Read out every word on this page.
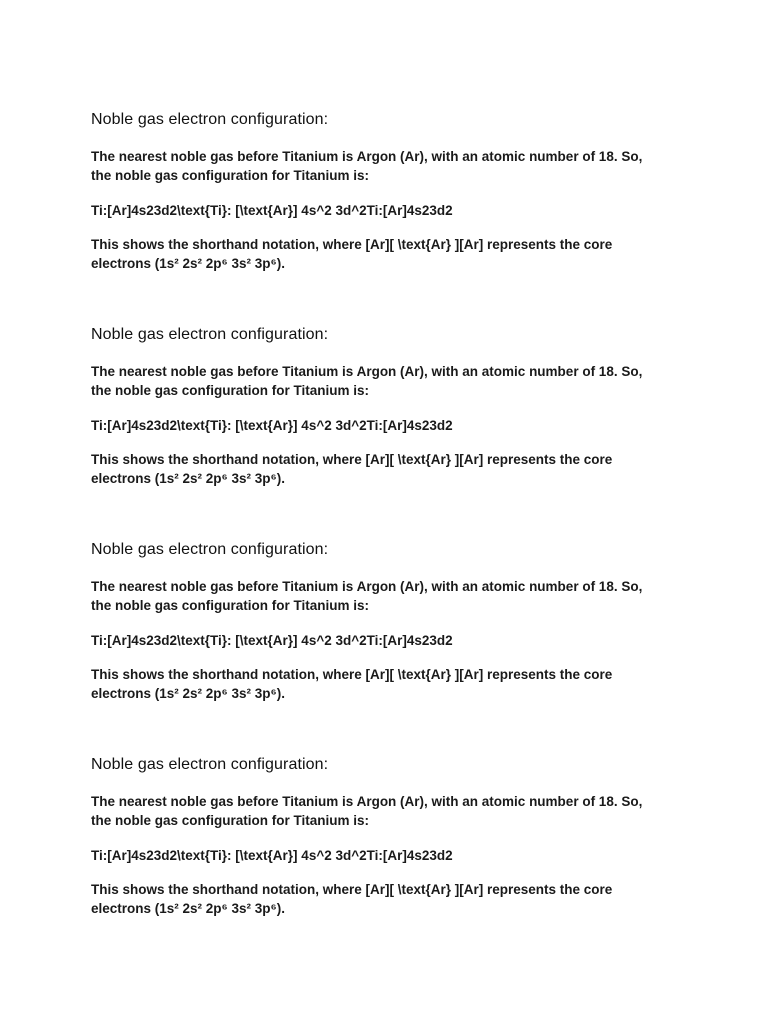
Noble gas electron configuration:

The nearest noble gas before Titanium is Argon (Ar), with an atomic number of 18. So,
the noble gas configuration for Titanium is:

Ti:[Ar]4s23d2\text{Ti}: [\text{Ar}] 4s^2 3d^2Ti:[Ar]4s23d2

This shows the shorthand notation, where [Ar][ \text{Ar} ][Ar] represents the core
electrons (1s² 2s² 2p⁶ 3s² 3p⁶).

Noble gas electron configuration:

The nearest noble gas before Titanium is Argon (Ar), with an atomic number of 18. So,
the noble gas configuration for Titanium is:

Ti:[Ar]4s23d2\text{Ti}: [\text{Ar}] 4s^2 3d^2Ti:[Ar]4s23d2

This shows the shorthand notation, where [Ar][ \text{Ar} ][Ar] represents the core
electrons (1s² 2s² 2p⁶ 3s² 3p⁶).

Noble gas electron configuration:

The nearest noble gas before Titanium is Argon (Ar), with an atomic number of 18. So,
the noble gas configuration for Titanium is:

Ti:[Ar]4s23d2\text{Ti}: [\text{Ar}] 4s^2 3d^2Ti:[Ar]4s23d2

This shows the shorthand notation, where [Ar][ \text{Ar} ][Ar] represents the core
electrons (1s² 2s² 2p⁶ 3s² 3p⁶).

Noble gas electron configuration:

The nearest noble gas before Titanium is Argon (Ar), with an atomic number of 18. So,
the noble gas configuration for Titanium is:

Ti:[Ar]4s23d2\text{Ti}: [\text{Ar}] 4s^2 3d^2Ti:[Ar]4s23d2

This shows the shorthand notation, where [Ar][ \text{Ar} ][Ar] represents the core
electrons (1s² 2s² 2p⁶ 3s² 3p⁶).
